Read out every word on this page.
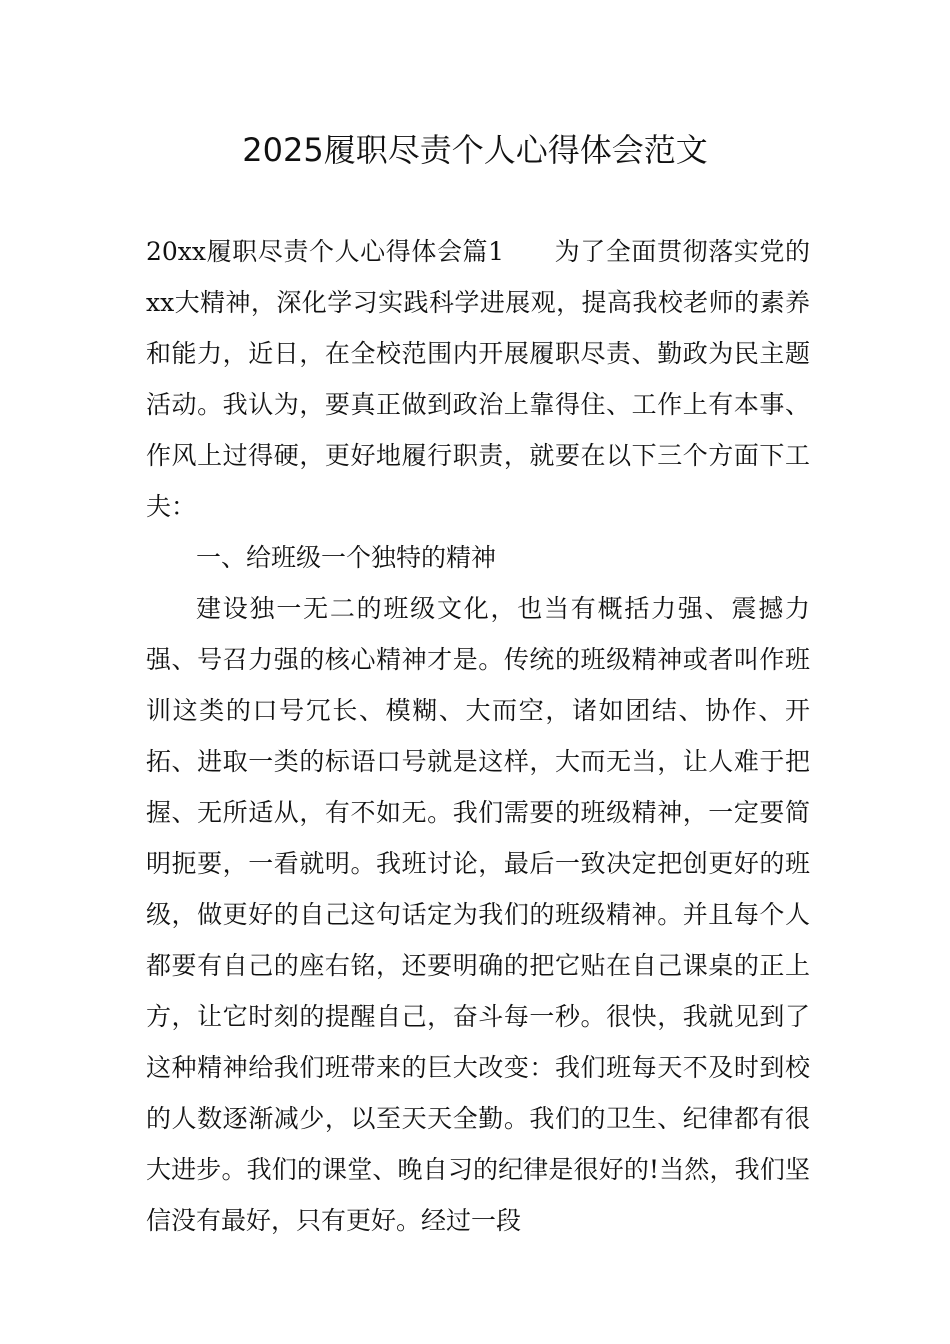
2025履职尽责个人心得体会范文

20xx履职尽责个人心得体会篇1 为了全面贯彻落实党的xx大精神，深化学习实践科学进展观，提高我校老师的素养和能力，近日，在全校范围内开展履职尽责、勤政为民主题活动。我认为，要真正做到政治上靠得住、工作上有本事、作风上过得硬，更好地履行职责，就要在以下三个方面下工夫：

一、给班级一个独特的精神

建设独一无二的班级文化，也当有概括力强、震撼力强、号召力强的核心精神才是。传统的班级精神或者叫作班训这类的口号冗长、模糊、大而空，诸如团结、协作、开拓、进取一类的标语口号就是这样，大而无当，让人难于把握、无所适从，有不如无。我们需要的班级精神，一定要简明扼要，一看就明。我班讨论，最后一致决定把创更好的班级，做更好的自己这句话定为我们的班级精神。并且每个人都要有自己的座右铭，还要明确的把它贴在自己课桌的正上方，让它时刻的提醒自己，奋斗每一秒。很快，我就见到了这种精神给我们班带来的巨大改变：我们班每天不及时到校的人数逐渐减少，以至天天全勤。我们的卫生、纪律都有很大进步。我们的课堂、晚自习的纪律是很好的!当然，我们坚信没有最好，只有更好。经过一段
